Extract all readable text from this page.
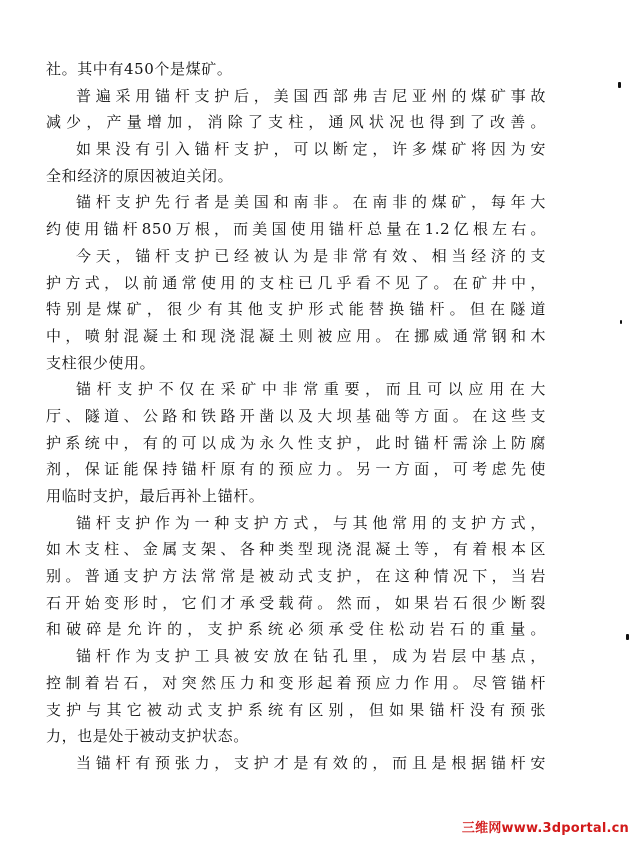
社。其中有450个是煤矿。
普遍采用锚杆支护后，美国西部弗吉尼亚州的煤矿事故
减少，产量增加，消除了支柱，通风状况也得到了改善。
如果没有引入锚杆支护，可以断定，许多煤矿将因为安
全和经济的原因被迫关闭。
锚杆支护先行者是美国和南非。在南非的煤矿，每年大
约使用锚杆850万根，而美国使用锚杆总量在1.2亿根左右。
今天，锚杆支护已经被认为是非常有效、相当经济的支
护方式，以前通常使用的支柱已几乎看不见了。在矿井中，
特别是煤矿，很少有其他支护形式能替换锚杆。但在隧道
中，喷射混凝土和现浇混凝土则被应用。在挪威通常钢和木
支柱很少使用。
锚杆支护不仅在采矿中非常重要，而且可以应用在大
厅、隧道、公路和铁路开凿以及大坝基础等方面。在这些支
护系统中，有的可以成为永久性支护，此时锚杆需涂上防腐
剂，保证能保持锚杆原有的预应力。另一方面，可考虑先使
用临时支护，最后再补上锚杆。
锚杆支护作为一种支护方式，与其他常用的支护方式，
如木支柱、金属支架、各种类型现浇混凝土等，有着根本区
别。普通支护方法常常是被动式支护，在这种情况下，当岩
石开始变形时，它们才承受载荷。然而，如果岩石很少断裂
和破碎是允许的，支护系统必须承受住松动岩石的重量。
锚杆作为支护工具被安放在钻孔里，成为岩层中基点，
控制着岩石，对突然压力和变形起着预应力作用。尽管锚杆
支护与其它被动式支护系统有区别，但如果锚杆没有预张
力，也是处于被动支护状态。
当锚杆有预张力，支护才是有效的，而且是根据锚杆安
三维网www.3dportal.cn
